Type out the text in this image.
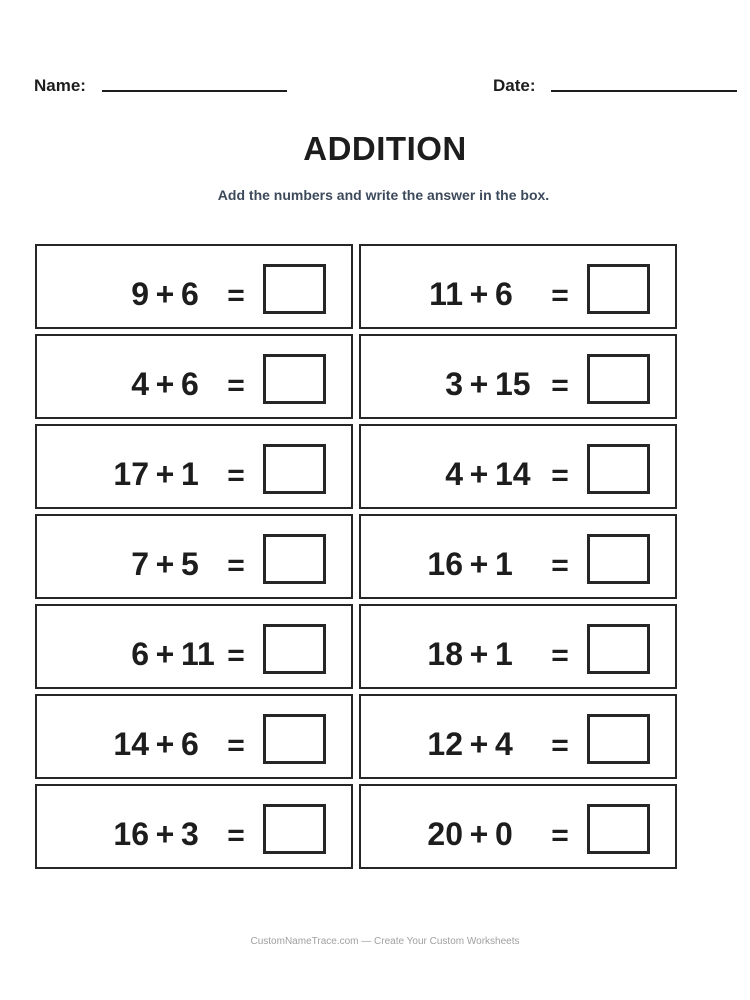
Name:	Date:
ADDITION
Add the numbers and write the answer in the box.
9 + 6 =	11 + 6 =
4 + 6 =	3 + 15 =
17 + 1 =	4 + 14 =
7 + 5 =	16 + 1 =
6 + 11 =	18 + 1 =
14 + 6 =	12 + 4 =
16 + 3 =	20 + 0 =
CustomNameTrace.com — Create Your Custom Worksheets
